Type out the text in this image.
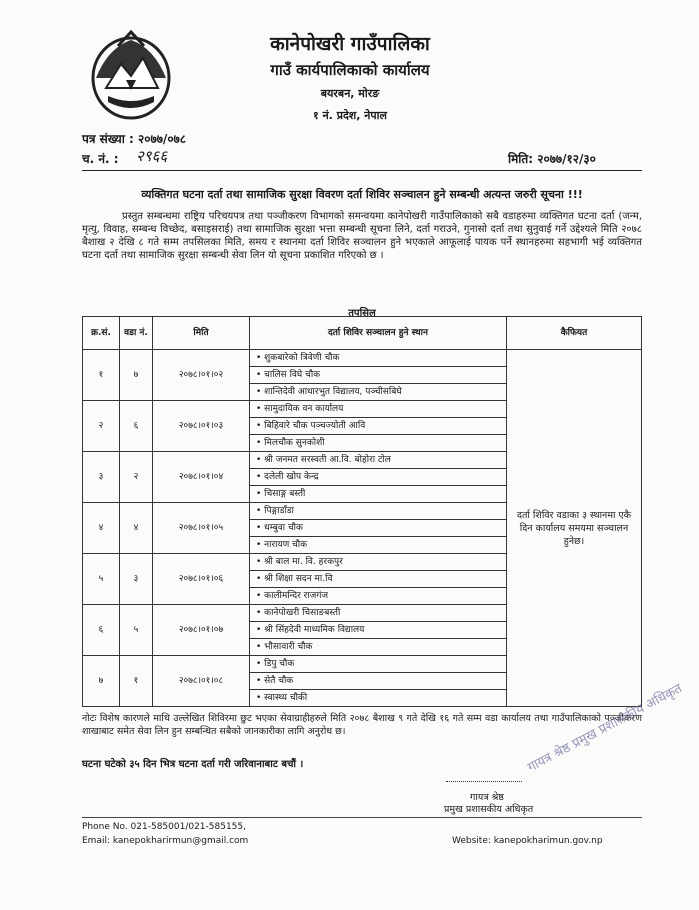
कानेपोखरी गाउँपालिका
गाउँ कार्यपालिकाको कार्यालय
बयरबन, मोरङ
१ नं. प्रदेश, नेपाल
पत्र संख्या : २०७७/०७८
च. नं. : २९६६	मिति: २०७७/१२/३०
व्यक्तिगत घटना दर्ता तथा सामाजिक सुरक्षा विवरण दर्ता शिविर सञ्चालन हुने सम्बन्धी अत्यन्त जरुरी सूचना !!!
प्रस्तुत सम्बन्धमा राष्ट्रिय परिचयपत्र तथा पञ्जीकरण विभागको समन्वयमा कानेपोखरी गाउँपालिकाको सबै वडाहरुमा व्यक्तिगत घटना दर्ता (जन्म, मृत्यु, विवाह, सम्बन्ध विच्छेद, बसाइसराई) तथा सामाजिक सुरक्षा भत्ता सम्बन्धी सूचना लिने, दर्ता गराउने, गुनासो दर्ता तथा सुनुवाई गर्ने उद्देश्यले मिति २०७८ बैशाख २ देखि ८ गते सम्म तपसिलका मिति, समय र स्थानमा दर्ता शिविर सञ्चालन हुने भएकाले आफूलाई पायक पर्ने स्थानहरुमा सहभागी भई व्यक्तिगत घटना दर्ता तथा सामाजिक सुरक्षा सम्बन्धी सेवा लिन यो सूचना प्रकाशित गरिएको छ ।
तपसिल
क्र.सं.	वडा नं.	मिति	दर्ता शिविर सञ्चालन हुने स्थान	कैफियत
१	७	२०७८।०१।०२	• शुकबारेको त्रिवेणी चौक	दर्ता शिविर वडाका ३ स्थानमा एकै दिन कार्यालय समयमा सञ्चालन हुनेछ।
			• चालिस विघे चौक	
			• शान्तिदेवी आधारभुत विद्यालय, पञ्चीसबिघे	
२	६	२०७८।०१।०३	• सामुदायिक वन कार्यालय	
			• बिहिवारे चौक पञ्चज्योती आवि	
			• मिलचौक सुनकोशी	
३	२	२०७८।०१।०४	• श्री जनमत सरस्वती आ.वि. बोहोरा टोल	
			• दलेली खोप केन्द्र	
			• चिसाङ्ग बस्ती	
४	४	२०७८।०१।०५	• पिङ्गाडाँडा	
			• धम्बुवा चौक	
			• नारायण चौक	
५	३	२०७८।०१।०६	• श्री बाल मा. वि. हरकपुर	
			• श्री शिक्षा सदन मा.वि	
			• कालीमन्दिर राजगंज	
६	५	२०७८।०१।०७	• कानेपोखरी चिसाङबस्ती	
			• श्री सिंहदेवी माध्यमिक विद्यालय	
			• भौसावारी चौक	
७	१	२०७८।०१।०८	• डिपु चौक	
			• सेतै चौक	
			• स्वास्थ्य चौकी	
नोटः विशेष कारणले माथि उल्लेखित शिविरमा छुट भएका सेवाग्राहीहरुले मिति २०७८ बैशाख ९ गते देखि १६ गते सम्म वडा कार्यालय तथा गाउँपालिकाको पञ्जीकरण शाखाबाट समेत सेवा लिन हुन सम्बन्धित सबैको जानकारीका लागि अनुरोध छ।
घटना घटेको ३५ दिन भित्र घटना दर्ता गरी जरिवानाबाट बचौं ।	गायत्र श्रेष्ठ प्रमुख प्रशासकीय अधिकृत
गायत्र श्रेष्ठ
प्रमुख प्रशासकीय अधिकृत
Phone No. 021-585001/021-585155,
Email: kanepokharirmun@gmail.com	Website: kanepokharimun.gov.np
